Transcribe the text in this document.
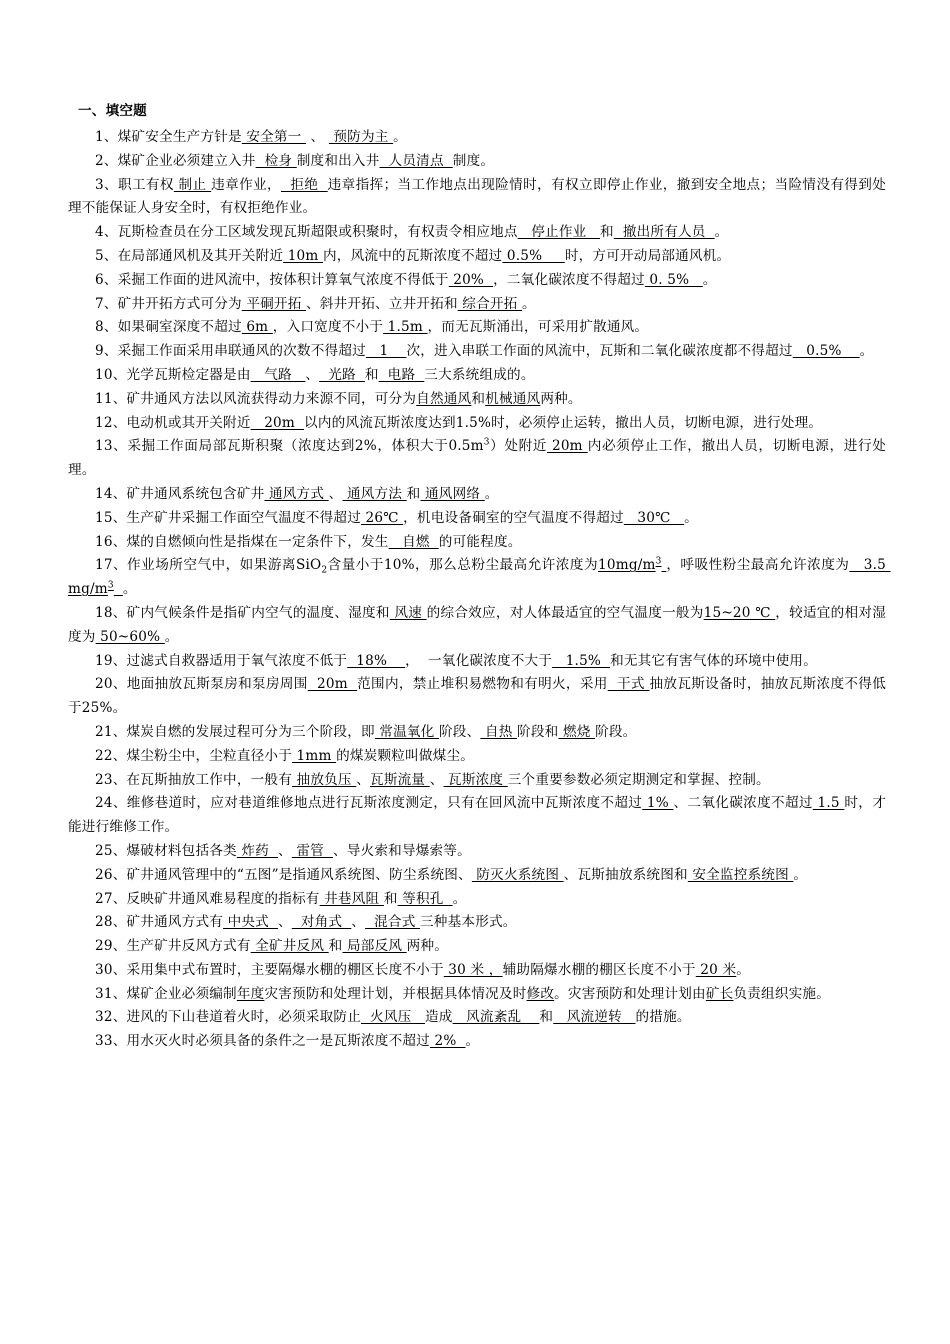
一、填空题

1、煤矿安全生产方针是 安全第一  、  预防为主 。

2、煤矿企业必须建立入井  检身 制度和出入井  人员清点  制度。

3、职工有权 制止 违章作业，  拒绝  违章指挥；当工作地点出现险情时，有权立即停止作业，撤到安全地点；当险情没有得到处理不能保证人身安全时，有权拒绝作业。

4、瓦斯检查员在分工区域发现瓦斯超限或积聚时，有权责令相应地点   停止作业   和  撤出所有人员  。

5、在局部通风机及其开关附近 10m 内，风流中的瓦斯浓度不超过 0.5%     时，方可开动局部通风机。

6、采掘工作面的进风流中，按体积计算氧气浓度不得低于 20%  ，二氧化碳浓度不得超过 0. 5%   。

7、矿井开拓方式可分为 平硐开拓 、斜井开拓、立井开拓和 综合开拓 。

8、如果硐室深度不超过 6m ，入口宽度不小于 1.5m ，而无瓦斯涌出，可采用扩散通风。

9、采掘工作面采用串联通风的次数不得超过   1    次，进入串联工作面的风流中，瓦斯和二氧化碳浓度都不得超过   0.5%    。

10、光学瓦斯检定器是由   气路   、  光路  和  电路  三大系统组成的。

11、矿井通风方法以风流获得动力来源不同，可分为自然通风和机械通风两种。

12、电动机或其开关附近   20m  以内的风流瓦斯浓度达到1.5%时，必须停止运转，撤出人员，切断电源，进行处理。

13、采掘工作面局部瓦斯积聚（浓度达到2%，体积大于$0.5m^3$）处附近 20m 内必须停止工作，撤出人员，切断电源，进行处理。

14、矿井通风系统包含矿井 通风方式 、 通风方法 和 通风网络 。

15、生产矿井采掘工作面空气温度不得超过 26℃ ，机电设备硐室的空气温度不得超过   30℃   。

16、煤的自燃倾向性是指煤在一定条件下，发生   自燃  的可能程度。

17、作业场所空气中，如果游离SiO$_2$含量小于10%，那么总粉尘最高允许浓度为$10mg/m^3$ ，呼吸性粉尘最高允许浓度为   3.5 $mg/m^3$ 。

18、矿内气候条件是指矿内空气的温度、湿度和 风速 的综合效应，对人体最适宜的空气温度一般为15~20 ℃ ，较适宜的相对湿度为 50~60% 。

19、过滤式自救器适用于氧气浓度不低于  18%    ，  一氧化碳浓度不大于   1.5%  和无其它有害气体的环境中使用。

20、地面抽放瓦斯泵房和泵房周围  20m  范围内，禁止堆积易燃物和有明火，采用  干式 抽放瓦斯设备时，抽放瓦斯浓度不得低于25%。

21、煤炭自燃的发展过程可分为三个阶段，即 常温氧化 阶段、 自热 阶段和 燃烧 阶段。

22、煤尘粉尘中，尘粒直径小于 1mm 的煤炭颗粒叫做煤尘。

23、在瓦斯抽放工作中，一般有 抽放负压 、瓦斯流量 、 瓦斯浓度 三个重要参数必须定期测定和掌握、控制。

24、维修巷道时，应对巷道维修地点进行瓦斯浓度测定，只有在回风流中瓦斯浓度不超过 1% 、二氧化碳浓度不超过 1.5 时，才能进行维修工作。

25、爆破材料包括各类 炸药  、 雷管  、导火索和导爆索等。

26、矿井通风管理中的“五图”是指通风系统图、防尘系统图、 防灭火系统图 、瓦斯抽放系统图和 安全监控系统图 。

27、反映矿井通风难易程度的指标有 井巷风阻 和 等积孔  。

28、矿井通风方式有 中央式  、  对角式  、  混合式 三种基本形式。

29、生产矿井反风方式有 全矿井反风 和 局部反风 两种。

30、采用集中式布置时，主要隔爆水棚的棚区长度不小于 30 米 ，辅助隔爆水棚的棚区长度不小于 20 米。

31、煤矿企业必须编制年度灾害预防和处理计划，并根据具体情况及时修改。灾害预防和处理计划由矿长负责组织实施。

32、进风的下山巷道着火时，必须采取防止  火风压   造成   风流紊乱    和   风流逆转   的措施。

33、用水灭火时必须具备的条件之一是瓦斯浓度不超过 2%  。
